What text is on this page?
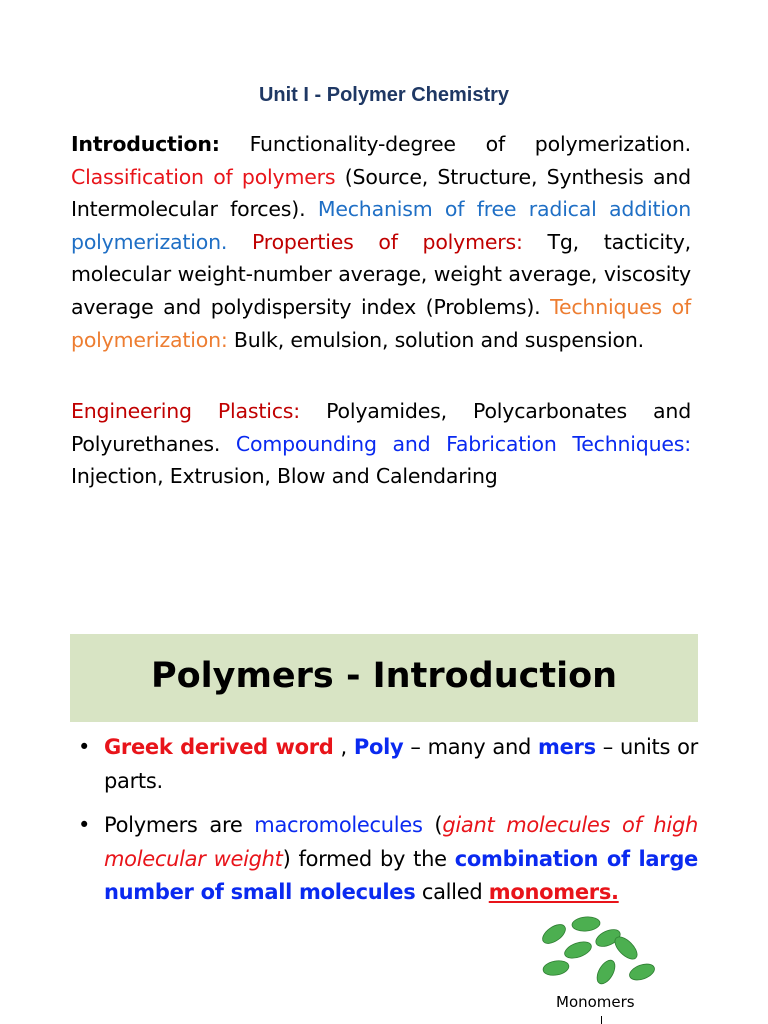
Unit I - Polymer Chemistry
Introduction: Functionality-degree of polymerization. Classification of polymers (Source, Structure, Synthesis and Intermolecular forces). Mechanism of free radical addition polymerization. Properties of polymers: Tg, tacticity, molecular weight-number average, weight average, viscosity average and polydispersity index (Problems). Techniques of polymerization: Bulk, emulsion, solution and suspension.
Engineering Plastics: Polyamides, Polycarbonates and Polyurethanes. Compounding and Fabrication Techniques: Injection, Extrusion, Blow and Calendaring
Polymers - Introduction
• Greek derived word , Poly – many and mers – units or parts.
• Polymers are macromolecules (giant molecules of high molecular weight) formed by the combination of large number of small molecules called monomers.
Monomers
